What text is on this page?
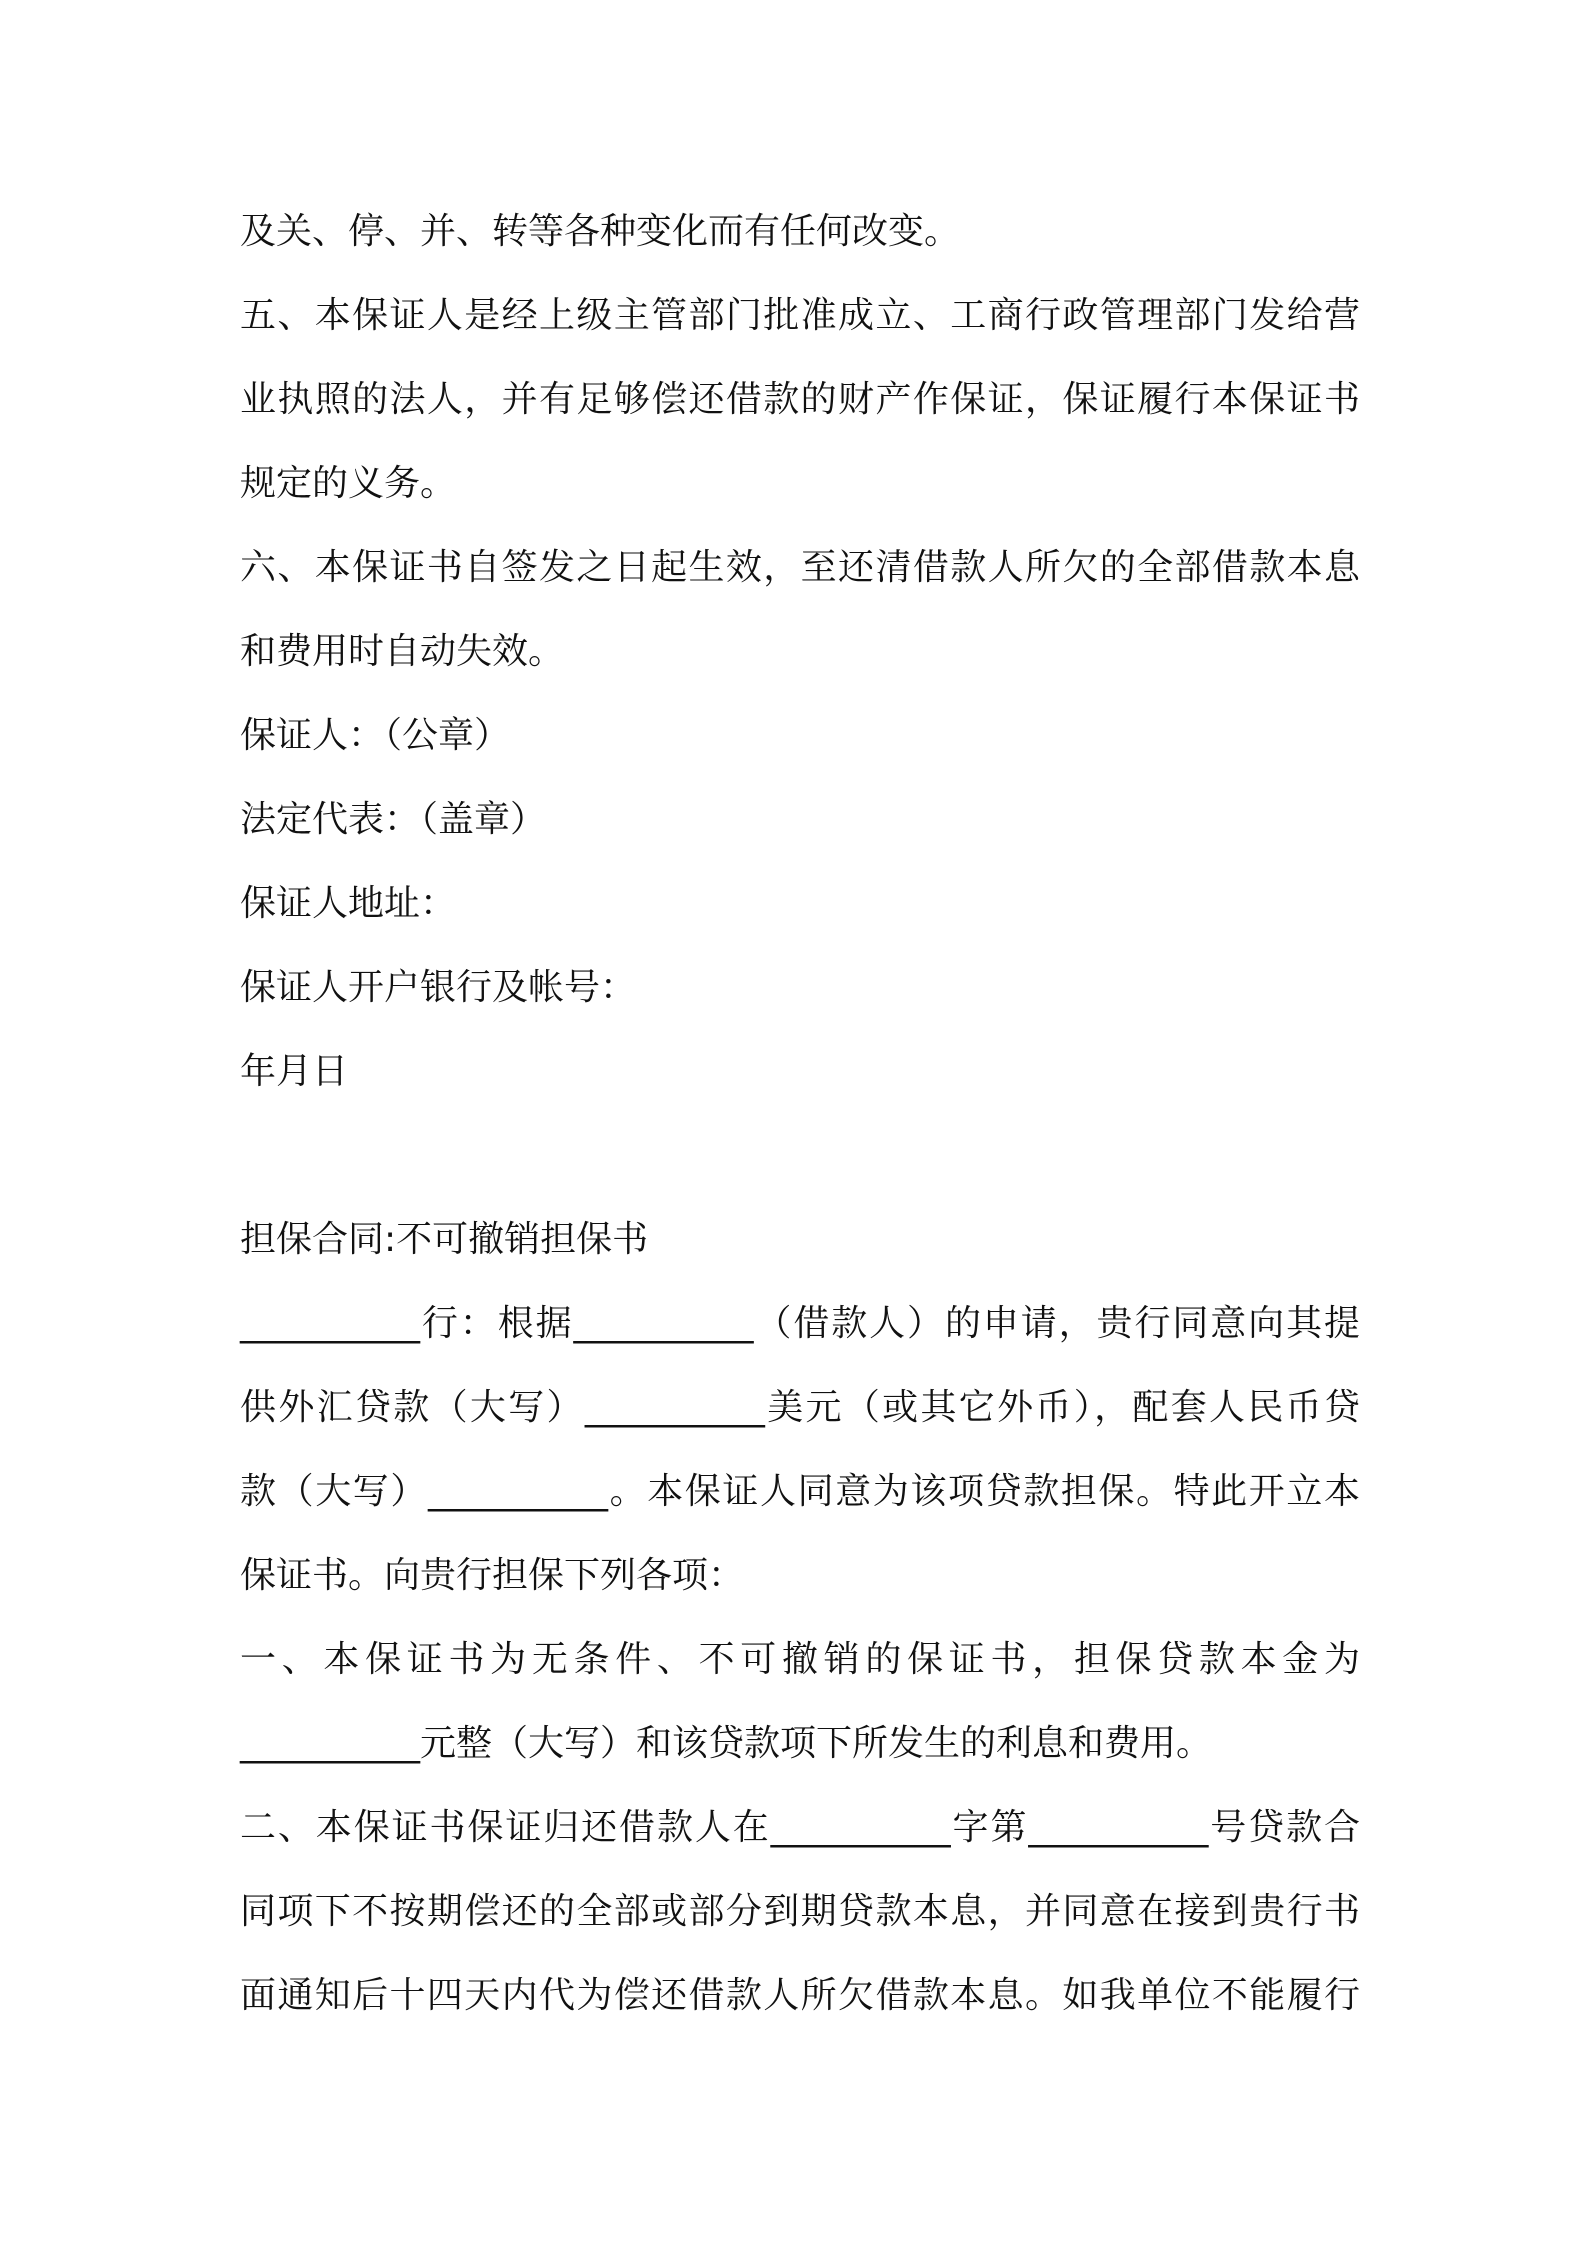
及关、停、并、转等各种变化而有任何改变。

五、本保证人是经上级主管部门批准成立、工商行政管理部门发给营

业执照的法人，并有足够偿还借款的财产作保证，保证履行本保证书

规定的义务。

六、本保证书自签发之日起生效，至还清借款人所欠的全部借款本息

和费用时自动失效。

保证人：（公章）

法定代表：（盖章）

保证人地址：

保证人开户银行及帐号：

年月日

担保合同:不可撤销担保书

__________行：根据__________（借款人）的申请，贵行同意向其提

供外汇贷款（大写）__________美元（或其它外币），配套人民币贷

款（大写）__________。本保证人同意为该项贷款担保。特此开立本

保证书。向贵行担保下列各项：

一、本保证书为无条件、不可撤销的保证书，担保贷款本金为

__________元整（大写）和该贷款项下所发生的利息和费用。

二、本保证书保证归还借款人在__________字第__________号贷款合

同项下不按期偿还的全部或部分到期贷款本息，并同意在接到贵行书

面通知后十四天内代为偿还借款人所欠借款本息。如我单位不能履行
